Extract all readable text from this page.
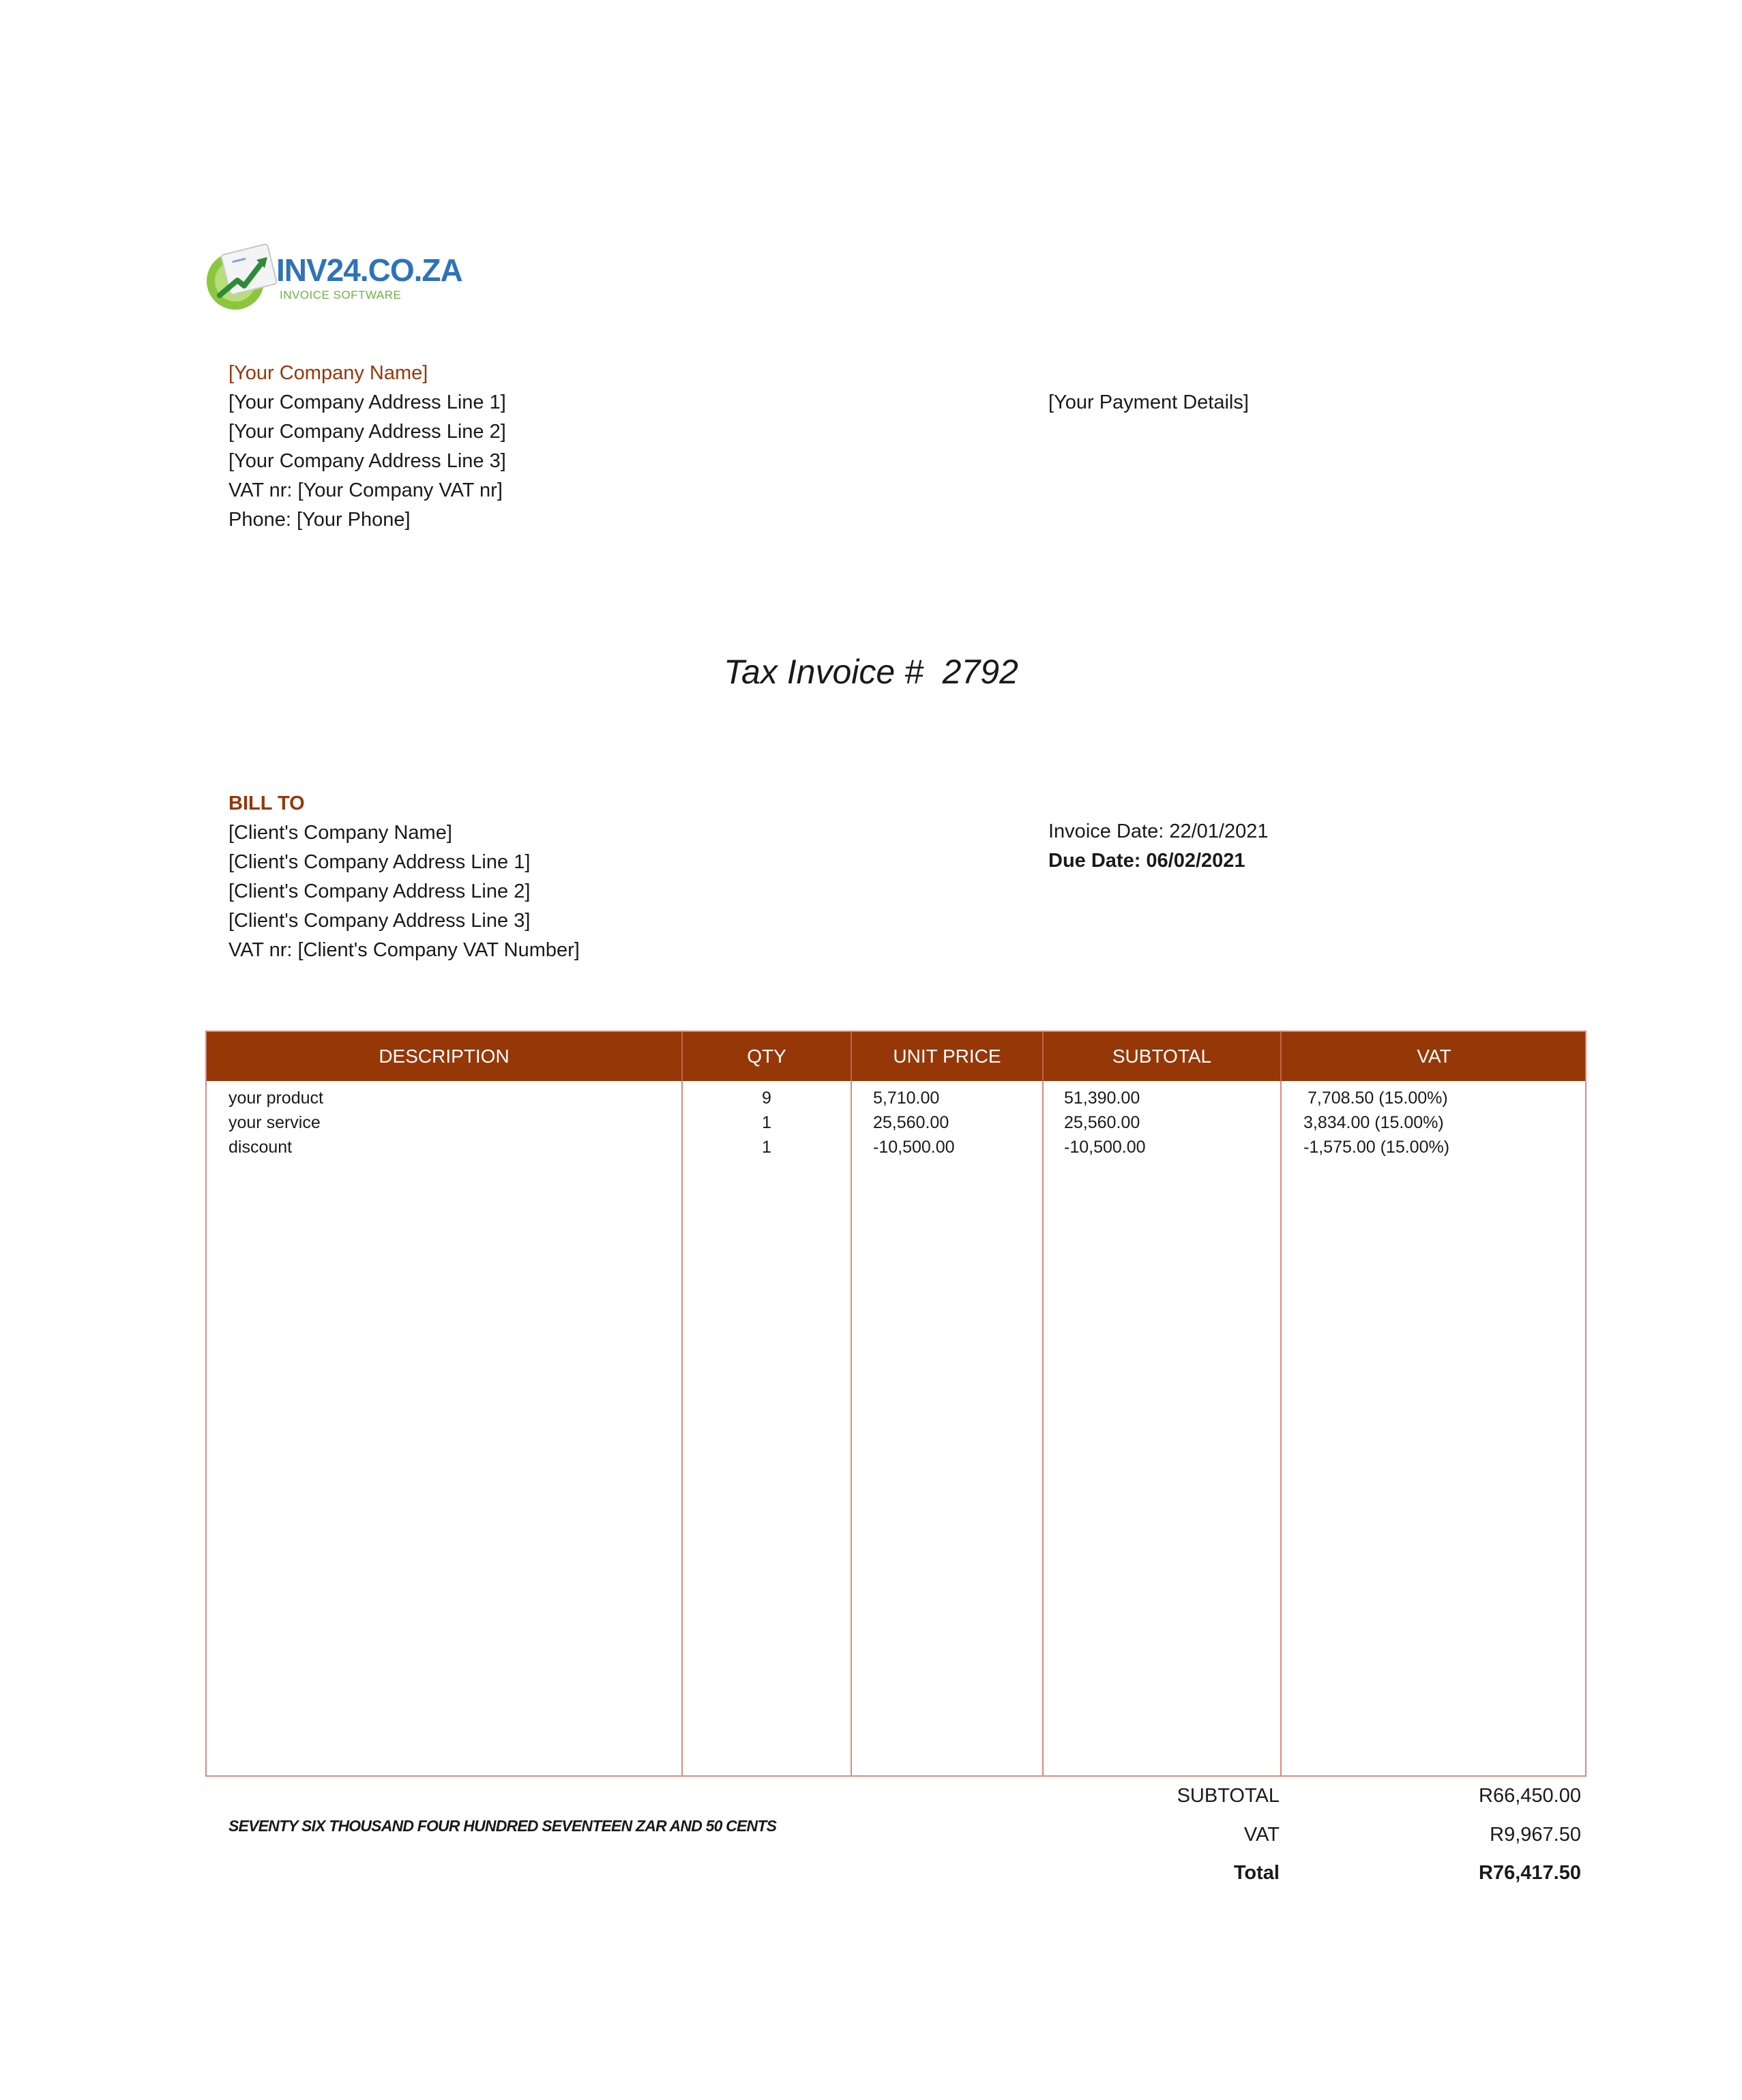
INV24.CO.ZA
INVOICE SOFTWARE
[Your Company Name]
[Your Company Address Line 1]
[Your Company Address Line 2]
[Your Company Address Line 3]
VAT nr: [Your Company VAT nr]
Phone: [Your Phone]
[Your Payment Details]
Tax Invoice # 2792
BILL TO
[Client's Company Name]
[Client's Company Address Line 1]
[Client's Company Address Line 2]
[Client's Company Address Line 3]
VAT nr: [Client's Company VAT Number]
Invoice Date: 22/01/2021
Due Date: 06/02/2021
DESCRIPTION	QTY	UNIT PRICE	SUBTOTAL	VAT
your product	9	5,710.00	51,390.00	7,708.50 (15.00%)
your service	1	25,560.00	25,560.00	3,834.00 (15.00%)
discount	1	-10,500.00	-10,500.00	-1,575.00 (15.00%)
SUBTOTAL	R66,450.00
VAT	R9,967.50
Total	R76,417.50
SEVENTY SIX THOUSAND FOUR HUNDRED SEVENTEEN ZAR AND 50 CENTS
